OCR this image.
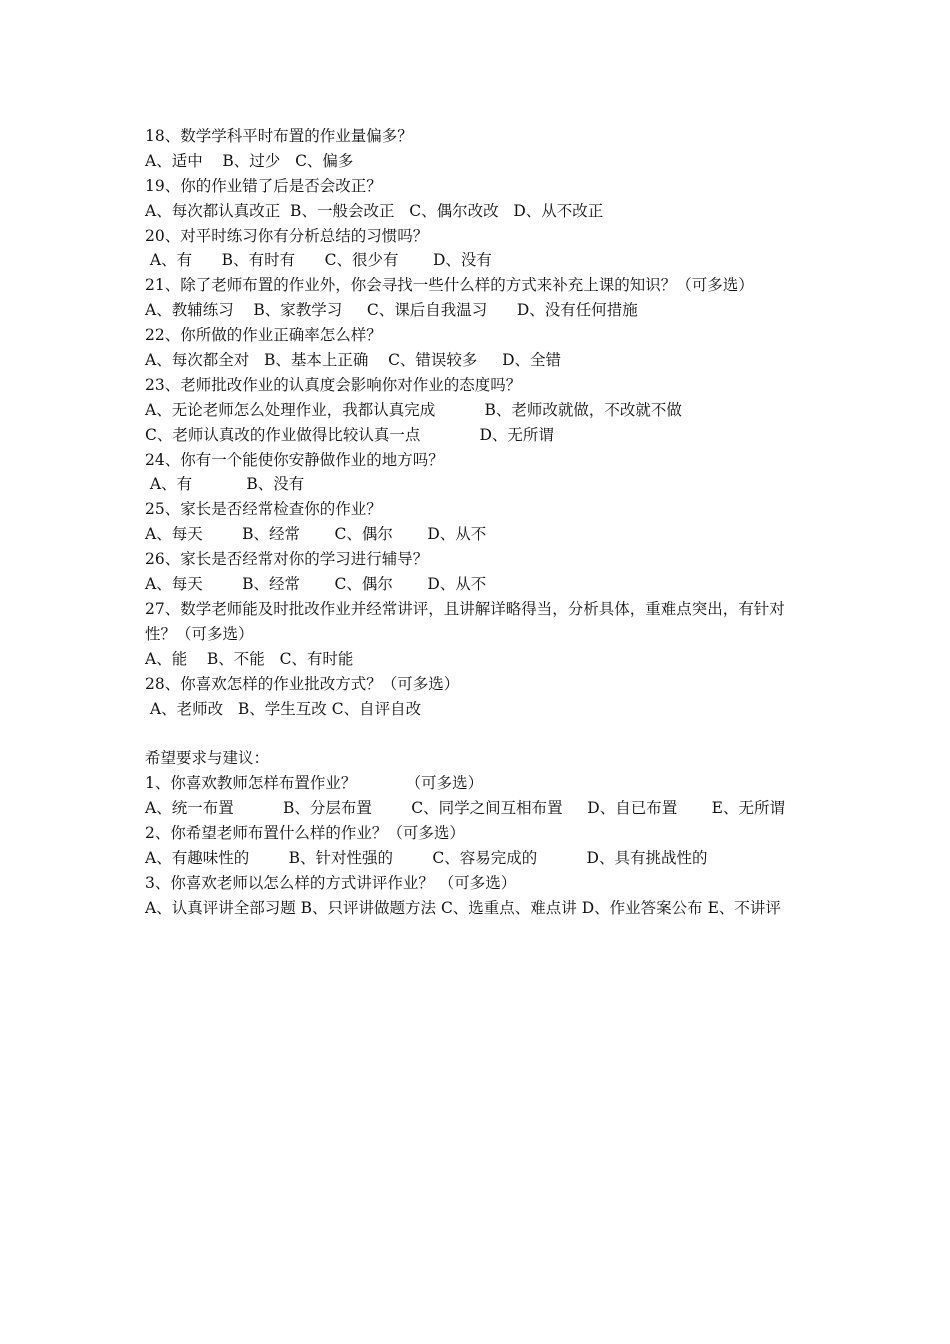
18、数学学科平时布置的作业量偏多？
A、适中    B、过少   C、偏多
19、你的作业错了后是否会改正？
A、每次都认真改正  B、一般会改正   C、偶尔改改   D、从不改正
20、对平时练习你有分析总结的习惯吗？
A、有      B、有时有      C、很少有       D、没有
21、除了老师布置的作业外，你会寻找一些什么样的方式来补充上课的知识？（可多选）
A、教辅练习    B、家教学习     C、课后自我温习      D、没有任何措施
22、你所做的作业正确率怎么样？
A、每次都全对   B、基本上正确    C、错误较多     D、全错
23、老师批改作业的认真度会影响你对作业的态度吗？
A、无论老师怎么处理作业，我都认真完成          B、老师改就做，不改就不做
C、老师认真改的作业做得比较认真一点            D、无所谓
24、你有一个能使你安静做作业的地方吗？
A、有           B、没有
25、家长是否经常检查你的作业？
A、每天        B、经常       C、偶尔       D、从不
26、家长是否经常对你的学习进行辅导？
A、每天        B、经常       C、偶尔       D、从不
27、数学老师能及时批改作业并经常讲评，且讲解详略得当，分析具体，重难点突出，有针对性？（可多选）
A、能    B、不能   C、有时能
28、你喜欢怎样的作业批改方式？（可多选）
A、老师改   B、学生互改 C、自评自改
希望要求与建议：
1、你喜欢教师怎样布置作业？          （可多选）
A、统一布置          B、分层布置        C、同学之间互相布置     D、自已布置       E、无所谓
2、你希望老师布置什么样的作业？（可多选）
A、有趣味性的        B、针对性强的        C、容易完成的          D、具有挑战性的
3、你喜欢老师以怎么样的方式讲评作业？ （可多选）
A、认真评讲全部习题 B、只评讲做题方法 C、选重点、难点讲 D、作业答案公布 E、不讲评
